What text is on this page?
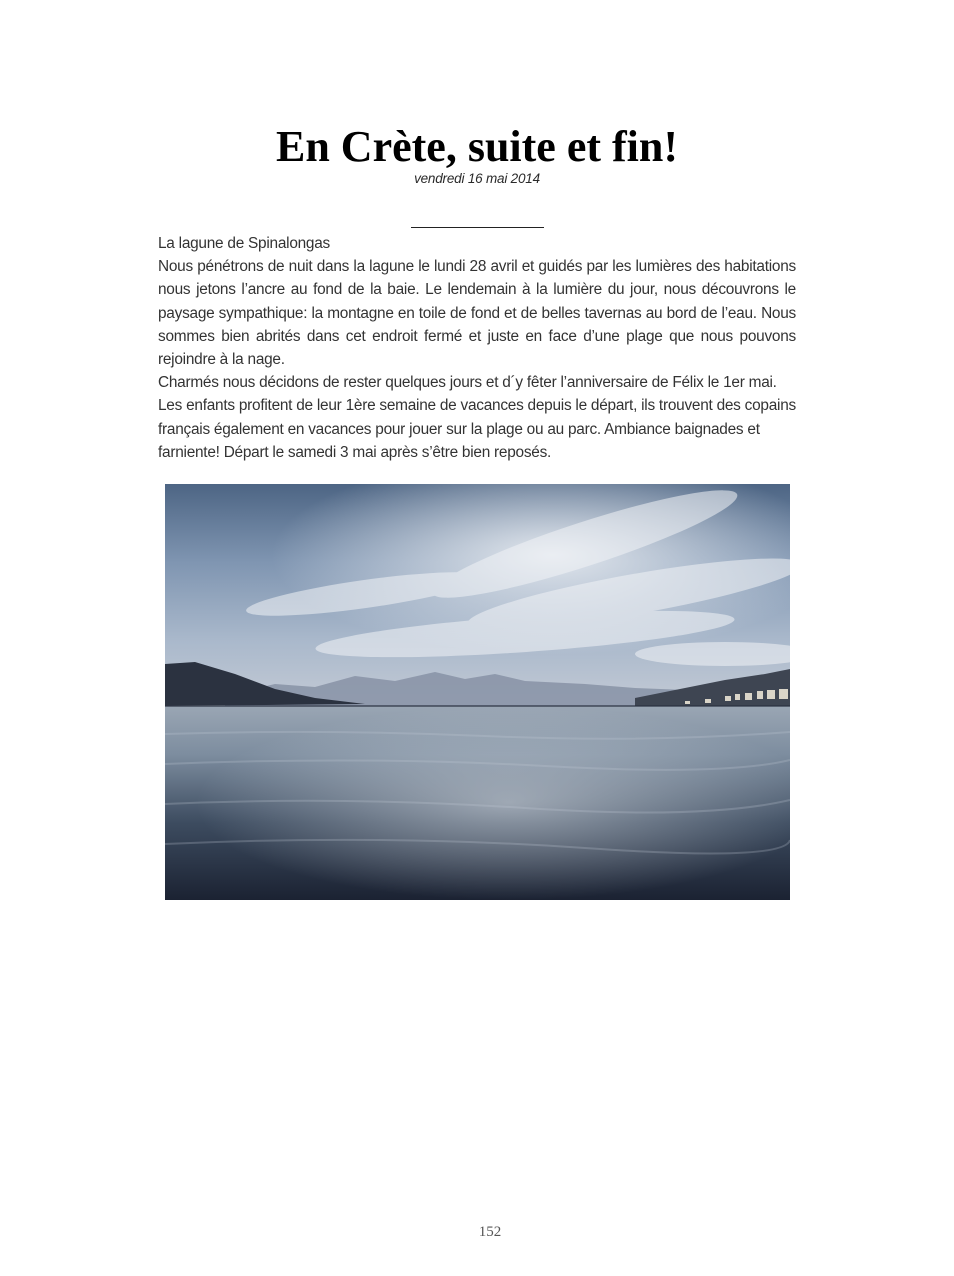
En Crète, suite et fin!
vendredi 16 mai 2014

La lagune de Spinalongas

Nous pénétrons de nuit dans la lagune le lundi 28 avril et guidés par les lumières des habitations nous jetons l’ancre au fond de la baie. Le lendemain à la lumière du jour, nous découvrons le paysage sympathique: la montagne en toile de fond et de belles tavernas au bord de l’eau. Nous sommes bien abrités dans cet endroit fermé et juste en face d’une plage que nous pouvons rejoindre à la nage.

Charmés nous décidons de rester quelques jours et d´y fêter l’anniversaire de Félix le 1er mai. Les enfants profitent de leur 1ère semaine de vacances depuis le départ, ils trouvent des copains français également en vacances pour jouer sur la plage ou au parc. Ambiance baignades et farniente! Départ le samedi 3 mai après s’être bien reposés.

152
